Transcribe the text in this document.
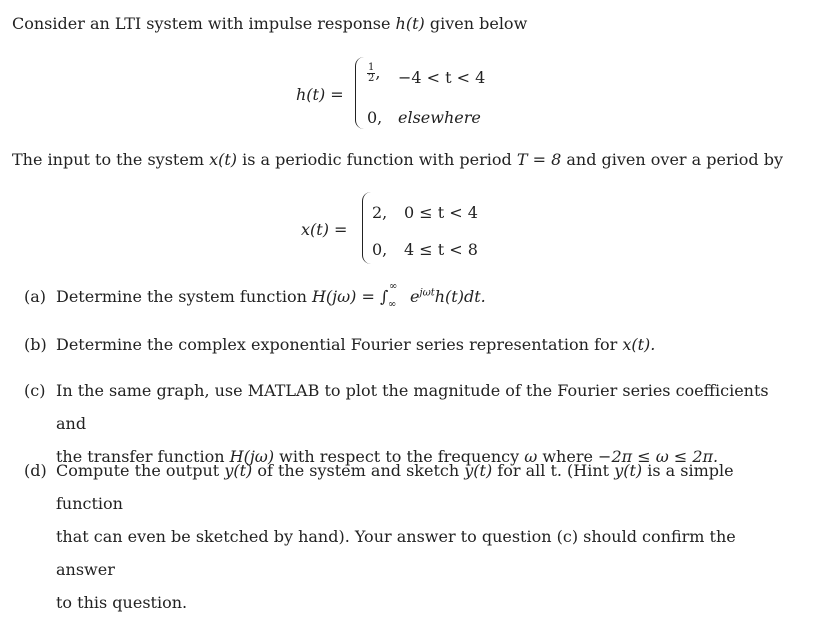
Consider an LTI system with impulse response h(t) given below
h(t) =
$\frac{1}{2}$ , −4 < t < 4
0, elsewhere
The input to the system x(t) is a periodic function with period T = 8 and given over a period by
x(t) =
2, 0 ≤ t < 4
0, 4 ≤ t < 8
(a) Determine the system function H(jω) = ∫
∞
∞ $e^{j\omega t}h(t)dt$.
(b) Determine the complex exponential Fourier series representation for x(t).
(c) In the same graph, use MATLAB to plot the magnitude of the Fourier series coefficients and
the transfer function H(jω) with respect to the frequency ω where −2π ≤ ω ≤ 2π.
(d) Compute the output y(t) of the system and sketch y(t) for all t. (Hint y(t) is a simple function
that can even be sketched by hand). Your answer to question (c) should confirm the answer
to this question.
